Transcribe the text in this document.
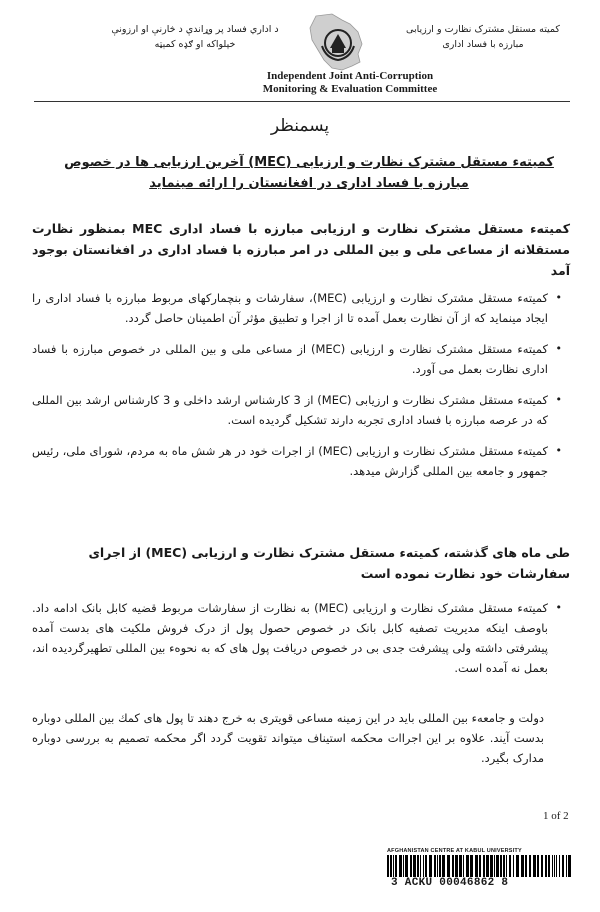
د اداري فساد پر وړاندې د څارنې او ارزونې
خپلواکه او ګډه کمېټه
کمیته مستقل مشترک نظارت و ارزیابی
مبارزه با فساد اداری
Independent Joint Anti-Corruption
Monitoring & Evaluation Committee
پسمنظر
کمیتهء مستقل مشترک نظارت و ارزیابی (MEC) آخرین ارزیابی ها در خصوص مبارزه با فساد اداری در افغانستان را ارائه مینماید
کمیتهء مستقل مشترک نظارت و ارزیابی مبارزه با فساد اداری MEC بمنظور نظارت مستقلانه از مساعی ملی و بین المللی در امر مبارزه با فساد اداری در افغانستان بوجود آمد
•
کمیتهء مستقل مشترک نظارت و ارزیابی (MEC)، سفارشات و بنچمارکهای مربوط مبارزه با فساد اداری را ایجاد مینماید که از آن نظارت بعمل آمده تا از اجرا و تطبیق مؤثر آن اطمینان حاصل گردد.
•
کمیتهء مستقل مشترک نظارت و ارزیابی (MEC) از مساعی ملی و بین المللی در خصوص مبارزه با فساد اداری نظارت بعمل می آورد.
•
کمیتهء مستقل مشترک نظارت و ارزیابی (MEC) از 3 کارشناس ارشد داخلی و 3 کارشناس ارشد بین المللی که در عرصه مبارزه با فساد اداری تجربه دارند تشکیل گردیده است.
•
کمیتهء مستقل مشترک نظارت و ارزیابی (MEC) از اجرات خود در هر شش ماه به مردم، شورای ملی، رئیس جمهور و جامعه بین المللی گزارش میدهد.
طی ماه های گذشته، کمیتهء مستقل مشترک نظارت و ارزیابی (MEC) از اجرای سفارشات خود نظارت نموده است
•
کمیتهء مستقل مشترک نظارت و ارزیابی (MEC) به نظارت از سفارشات مربوط قضیه کابل بانک ادامه داد. باوصف اینکه مدیریت تصفیه کابل بانک در خصوص حصول پول از درک فروش ملکیت های بدست آمده پیشرفتی داشته ولی پیشرفت جدی بی در خصوص دریافت پول های که به نحوهء بین المللی تطهیرگردیده اند، بعمل نه آمده است.
دولت و جامعهء بین المللی باید در این زمینه مساعی قویتری به خرج دهند تا پول های کمك بین المللی دوباره بدست آیند. علاوه بر این اجراات محکمه استیناف میتواند تقویت گردد اگر محکمه تصمیم به بررسی دوباره مدارک بگیرد.
1 of 2
AFGHANISTAN CENTRE AT KABUL UNIVERSITY
3 ACKU 00046862 8
